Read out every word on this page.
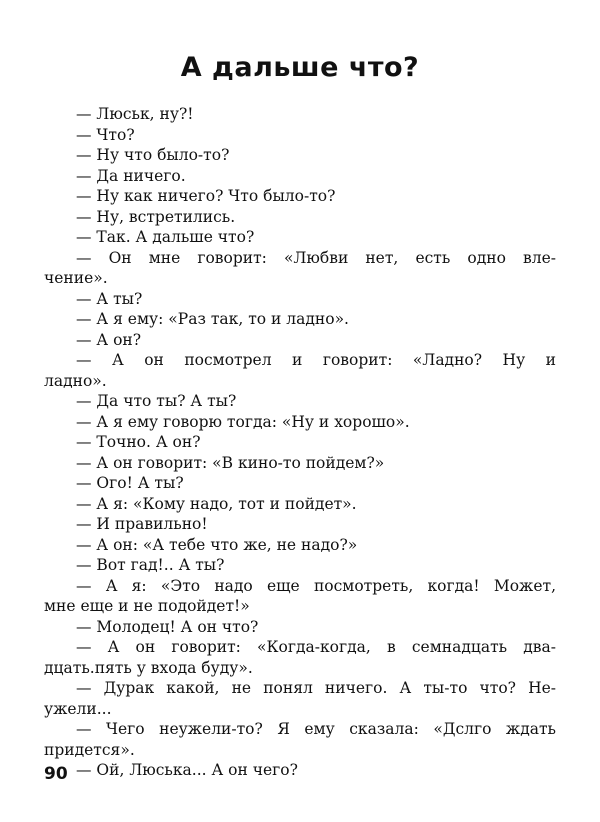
А дальше что?

— Люськ, ну?!

— Что?

— Ну что было-то?

— Да ничего.

— Ну как ничего? Что было-то?

— Ну, встретились.

— Так. А дальше что?

— Он мне говорит: «Любви нет, есть одно вле-
чение».

— А ты?

— А я ему: «Раз так, то и ладно».

— А он?

— А он посмотрел и говорит: «Ладно? Ну и
ладно».

— Да что ты? А ты?

— А я ему говорю тогда: «Ну и хорошо».

— Точно. А он?

— А он говорит: «В кино-то пойдем?»

— Ого! А ты?

— А я: «Кому надо, тот и пойдет».

— И правильно!

— А он: «А тебе что же, не надо?»

— Вот гад!.. А ты?

— А я: «Это надо еще посмотреть, когда! Может,
мне еще и не подойдет!»

— Молодец! А он что?

— А он говорит: «Когда-когда, в семнадцать два-
дцать.пять у входа буду».

— Дурак какой, не понял ничего. А ты-то что? Не-
ужели...

— Чего неужели-то? Я ему сказала: «Дслго ждать
придется».

— Ой, Люська... А он чего?

90
